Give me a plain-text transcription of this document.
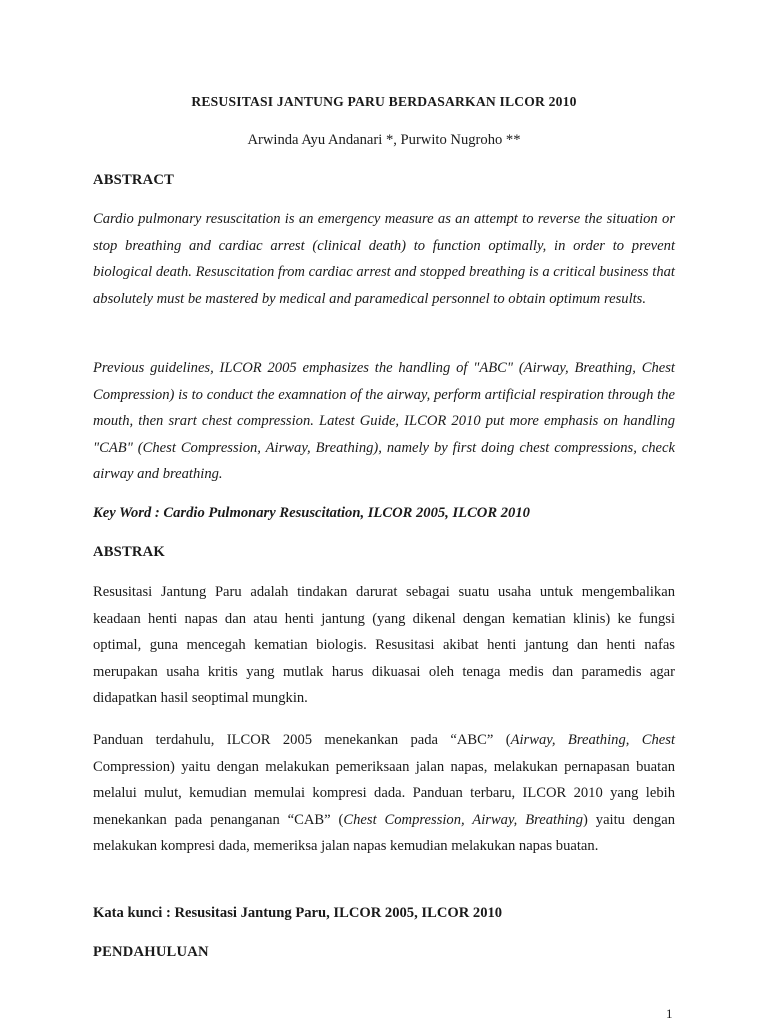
RESUSITASI JANTUNG PARU BERDASARKAN ILCOR 2010
Arwinda Ayu Andanari *, Purwito Nugroho **
ABSTRACT
Cardio pulmonary resuscitation is an emergency measure as an attempt to reverse the situation or stop breathing and cardiac arrest (clinical death) to function optimally, in order to prevent biological death. Resuscitation from cardiac arrest and stopped breathing is a critical business that absolutely must be mastered by medical and paramedical personnel to obtain optimum results.
Previous guidelines, ILCOR 2005 emphasizes the handling of "ABC" (Airway, Breathing, Chest Compression) is to conduct the examnation of the airway, perform artificial respiration through the mouth, then srart chest compression. Latest Guide, ILCOR 2010 put more emphasis on handling "CAB" (Chest Compression, Airway, Breathing), namely by first doing chest compressions, check airway and breathing.
Key Word : Cardio Pulmonary Resuscitation, ILCOR 2005, ILCOR 2010
ABSTRAK
Resusitasi Jantung Paru adalah tindakan darurat sebagai suatu usaha untuk mengembalikan keadaan henti napas dan atau henti jantung (yang dikenal dengan kematian klinis) ke fungsi optimal, guna mencegah kematian biologis. Resusitasi akibat henti jantung dan henti nafas merupakan usaha kritis yang mutlak harus dikuasai oleh tenaga medis dan paramedis agar didapatkan hasil seoptimal mungkin.
Panduan terdahulu, ILCOR 2005 menekankan pada “ABC” (Airway, Breathing, Chest Compression) yaitu dengan melakukan pemeriksaan jalan napas, melakukan pernapasan buatan melalui mulut, kemudian memulai kompresi dada. Panduan terbaru, ILCOR 2010 yang lebih menekankan pada penanganan “CAB” (Chest Compression, Airway, Breathing) yaitu dengan melakukan kompresi dada, memeriksa jalan napas kemudian melakukan napas buatan.
Kata kunci : Resusitasi Jantung Paru, ILCOR 2005, ILCOR 2010
PENDAHULUAN
1
